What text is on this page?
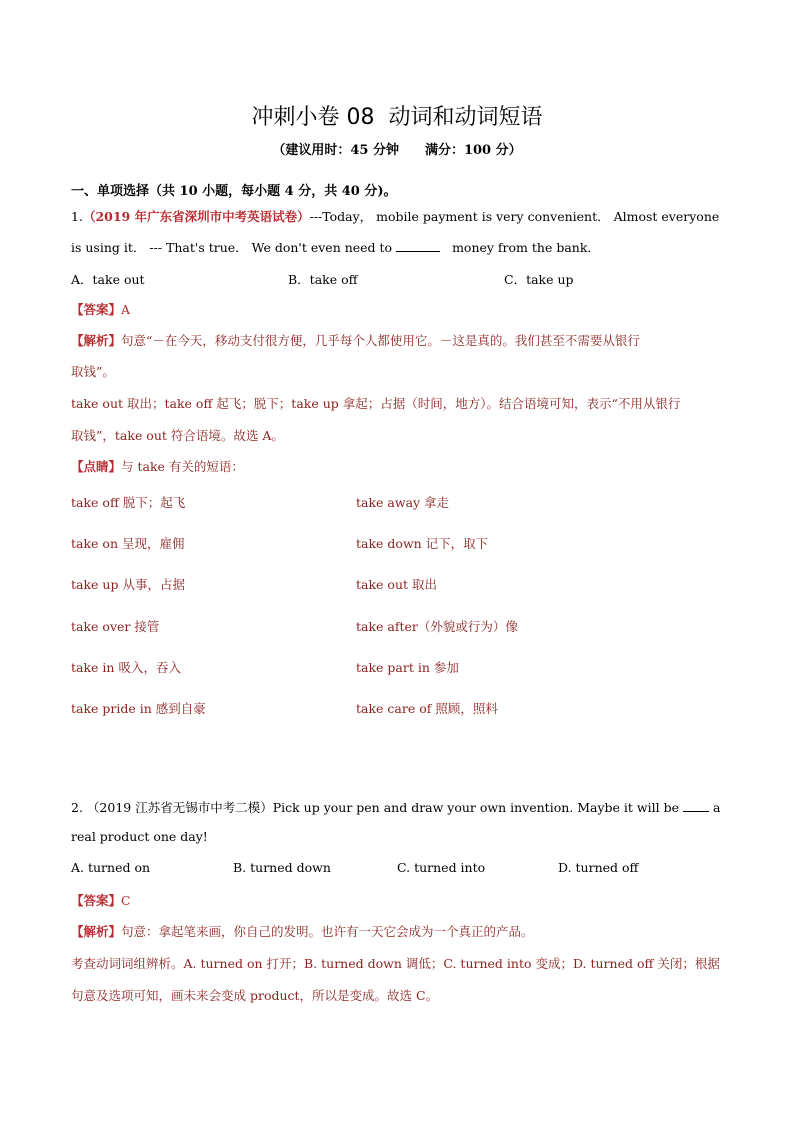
冲刺小卷 08 动词和动词短语
（建议用时：45 分钟 满分：100 分）
一、单项选择（共 10 小题，每小题 4 分，共 40 分)。
1.（2019 年广东省深圳市中考英语试卷）---Today， mobile payment is very convenient． Almost everyone
is using it． --- That's true． We don't even need to	money from the bank．
A．take out	B．take off	C．take up
【答案】A
【解析】句意“－在今天，移动支付很方便，几乎每个人都使用它。－这是真的。我们甚至不需要从银行
取钱”。
take out 取出；take off 起飞；脱下；take up 拿起；占据（时间，地方）。结合语境可知，表示“不用从银行
取钱”，take out 符合语境。故选 A。
【点睛】与 take 有关的短语：
take off 脱下；起飞	take away 拿走
take on 呈现，雇佣	take down 记下，取下
take up 从事，占据	take out 取出
take over 接管	take after（外貌或行为）像
take in 吸入，吞入	take part in 参加
take pride in 感到自豪	take care of 照顾，照料
2. （2019 江苏省无锡市中考二模）Pick up your pen and draw your own invention. Maybe it will be	a
real product one day!
A. turned on	B. turned down	C. turned into	D. turned off
【答案】C
【解析】句意：拿起笔来画，你自己的发明。也许有一天它会成为一个真正的产品。
考查动词词组辨析。A. turned on 打开；B. turned down 调低；C. turned into 变成；D. turned off 关闭；根据
句意及选项可知，画未来会变成 product，所以是变成。故选 C。
